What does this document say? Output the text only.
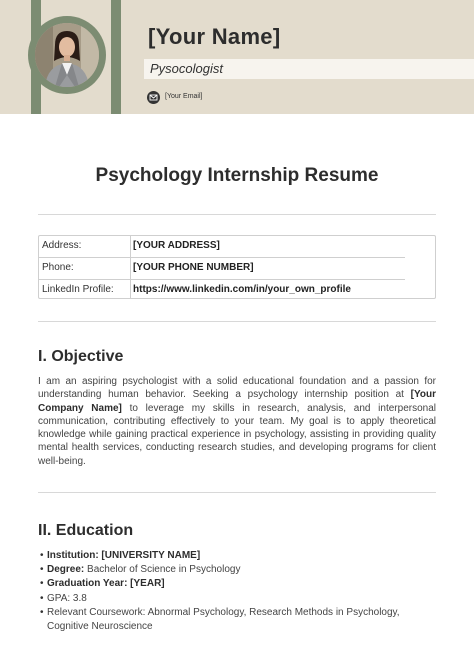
[Your Name]
Pysocologist
[Your Email]
Psychology Internship Resume
Address:	[YOUR ADDRESS]
Phone:	[YOUR PHONE NUMBER]
LinkedIn Profile: https://www.linkedin.com/in/your_own_profile
I. Objective
I am an aspiring psychologist with a solid educational foundation and a passion for understanding human behavior. Seeking a psychology internship position at [Your Company Name] to leverage my skills in research, analysis, and interpersonal communication, contributing effectively to your team. My goal is to apply theoretical knowledge while gaining practical experience in psychology, assisting in providing quality mental health services, conducting research studies, and developing programs for client well-being.
II. Education
• Institution: [UNIVERSITY NAME]
• Degree: Bachelor of Science in Psychology
• Graduation Year: [YEAR]
• GPA: 3.8
• Relevant Coursework: Abnormal Psychology, Research Methods in Psychology, Cognitive Neuroscience
